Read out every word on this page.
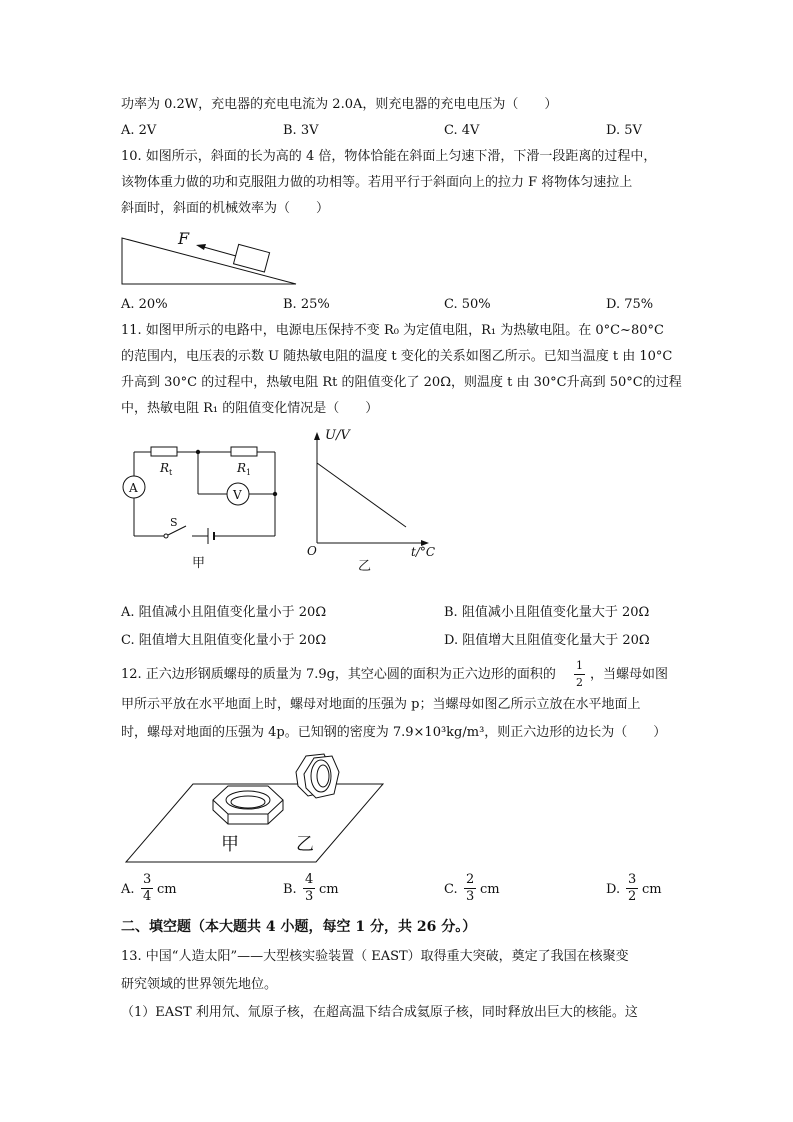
功率为 0.2W，充电器的充电电流为 2.0A，则充电器的充电电压为（　　）
A. 2V	B. 3V	C. 4V	D. 5V
10. 如图所示，斜面的长为高的 4 倍，物体恰能在斜面上匀速下滑，下滑一段距离的过程中，
该物体重力做的功和克服阻力做的功相等。若用平行于斜面向上的拉力 F 将物体匀速拉上
斜面时，斜面的机械效率为（　　）
F
A. 20%	B. 25%	C. 50%	D. 75%
11. 如图甲所示的电路中，电源电压保持不变 R₀ 为定值电阻，R₁ 为热敏电阻。在 0°C~80°C
的范围内，电压表的示数 U 随热敏电阻的温度 t 变化的关系如图乙所示。已知当温度 t 由 10°C
升高到 30°C 的过程中，热敏电阻 Rt 的阻值变化了 20Ω，则温度 t 由 30°C升高到 50°C的过程
中，热敏电阻 R₁ 的阻值变化情况是（　　）
$R_t$	$R_1$
A	V
S
甲
U/V
t/°C
O
乙
A. 阻值减小且阻值变化量小于 20Ω	B. 阻值减小且阻值变化量大于 20Ω
C. 阻值增大且阻值变化量小于 20Ω	D. 阻值增大且阻值变化量大于 20Ω
12. 正六边形钢质螺母的质量为 7.9g，其空心圆的面积为正六边形的面积的 $\frac{1}{2}$ ，当螺母如图
甲所示平放在水平地面上时，螺母对地面的压强为 p；当螺母如图乙所示立放在水平地面上
时，螺母对地面的压强为 4p。已知钢的密度为 7.9×10³kg/m³，则正六边形的边长为（　　）
甲	乙
A. $\frac{3}{4}$ cm	B. $\frac{4}{3}$ cm	C. $\frac{2}{3}$ cm	D. $\frac{3}{2}$ cm
二、填空题（本大题共 4 小题，每空 1 分，共 26 分。）
13. 中国“人造太阳”——大型核实验装置（ EAST）取得重大突破，奠定了我国在核聚变
研究领域的世界领先地位。
（1）EAST 利用氘、氚原子核，在超高温下结合成氦原子核，同时释放出巨大的核能。这
